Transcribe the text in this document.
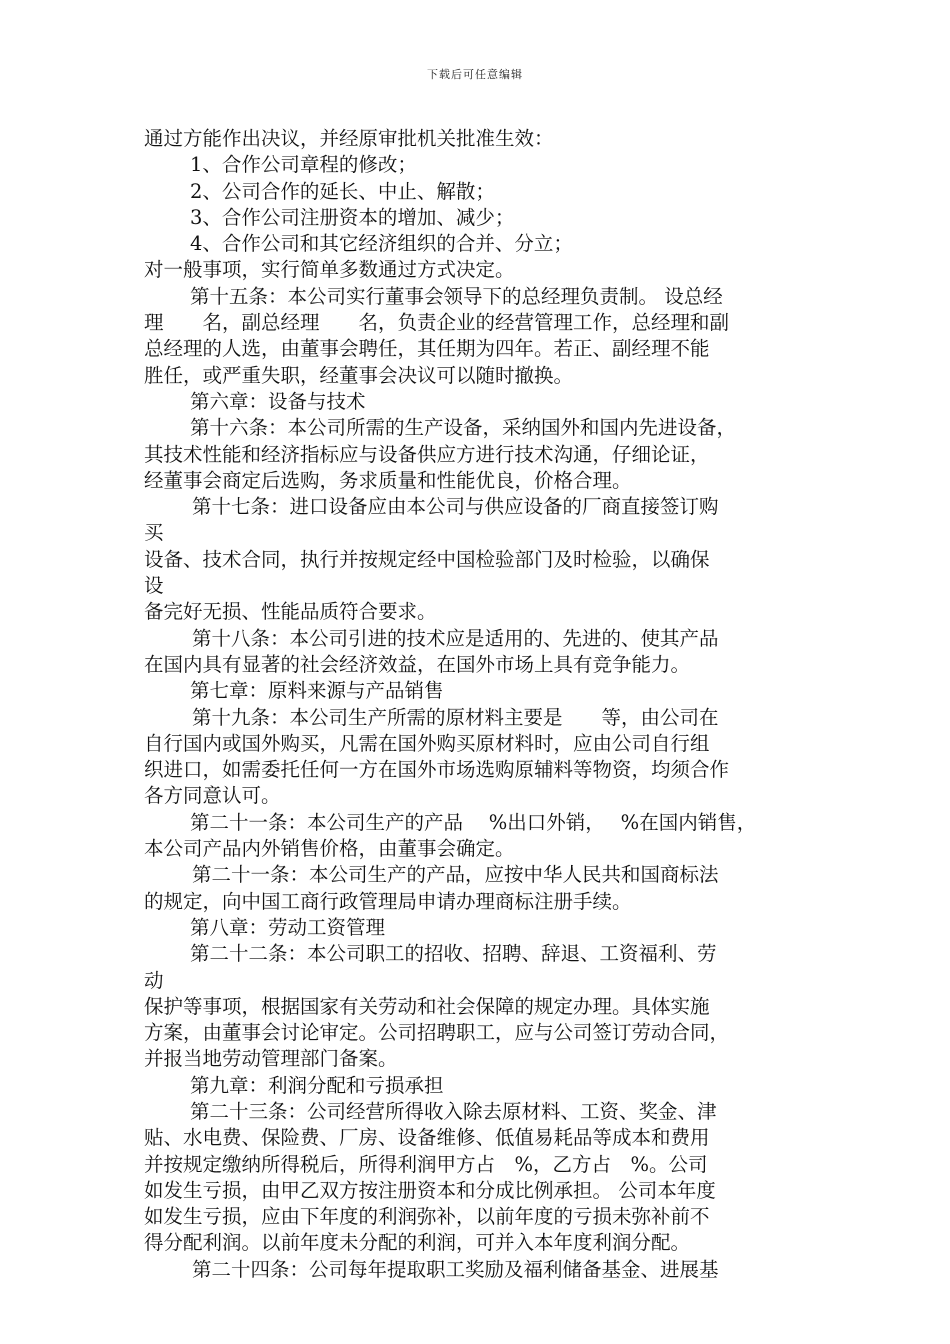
下载后可任意编辑
通过方能作出决议，并经原审批机关批准生效：
1、合作公司章程的修改；
2、公司合作的延长、中止、解散；
3、合作公司注册资本的增加、减少；
4、合作公司和其它经济组织的合并、分立；
对一般事项，实行简单多数通过方式决定。
第十五条：本公司实行董事会领导下的总经理负责制。 设总经
理　　名，副总经理　　名，负责企业的经营管理工作，总经理和副
总经理的人选，由董事会聘任，其任期为四年。若正、副经理不能
胜任，或严重失职，经董事会决议可以随时撤换。
第六章：设备与技术
第十六条：本公司所需的生产设备，采纳国外和国内先进设备，
其技术性能和经济指标应与设备供应方进行技术沟通，仔细论证，
经董事会商定后选购，务求质量和性能优良，价格合理。
第十七条：进口设备应由本公司与供应设备的厂商直接签订购
买
设备、技术合同，执行并按规定经中国检验部门及时检验，以确保
设
备完好无损、性能品质符合要求。
第十八条：本公司引进的技术应是适用的、先进的、使其产品
在国内具有显著的社会经济效益，在国外市场上具有竞争能力。
第七章：原料来源与产品销售
第十九条：本公司生产所需的原材料主要是　　等，由公司在
自行国内或国外购买，凡需在国外购买原材料时，应由公司自行组
织进口，如需委托任何一方在国外市场选购原辅料等物资，均须合作
各方同意认可。
第二十一条：本公司生产的产品　 %出口外销，　 %在国内销售，
本公司产品内外销售价格，由董事会确定。
第二十一条：本公司生产的产品，应按中华人民共和国商标法
的规定，向中国工商行政管理局申请办理商标注册手续。
第八章：劳动工资管理
第二十二条：本公司职工的招收、招聘、辞退、工资福利、劳
动
保护等事项，根据国家有关劳动和社会保障的规定办理。具体实施
方案，由董事会讨论审定。公司招聘职工，应与公司签订劳动合同，
并报当地劳动管理部门备案。
第九章：利润分配和亏损承担
第二十三条：公司经营所得收入除去原材料、工资、奖金、津
贴、水电费、保险费、厂房、设备维修、低值易耗品等成本和费用
并按规定缴纳所得税后，所得利润甲方占　%，乙方占　%。公司
如发生亏损，由甲乙双方按注册资本和分成比例承担。 公司本年度
如发生亏损，应由下年度的利润弥补，以前年度的亏损未弥补前不
得分配利润。以前年度未分配的利润，可并入本年度利润分配。
第二十四条：公司每年提取职工奖励及福利储备基金、进展基
